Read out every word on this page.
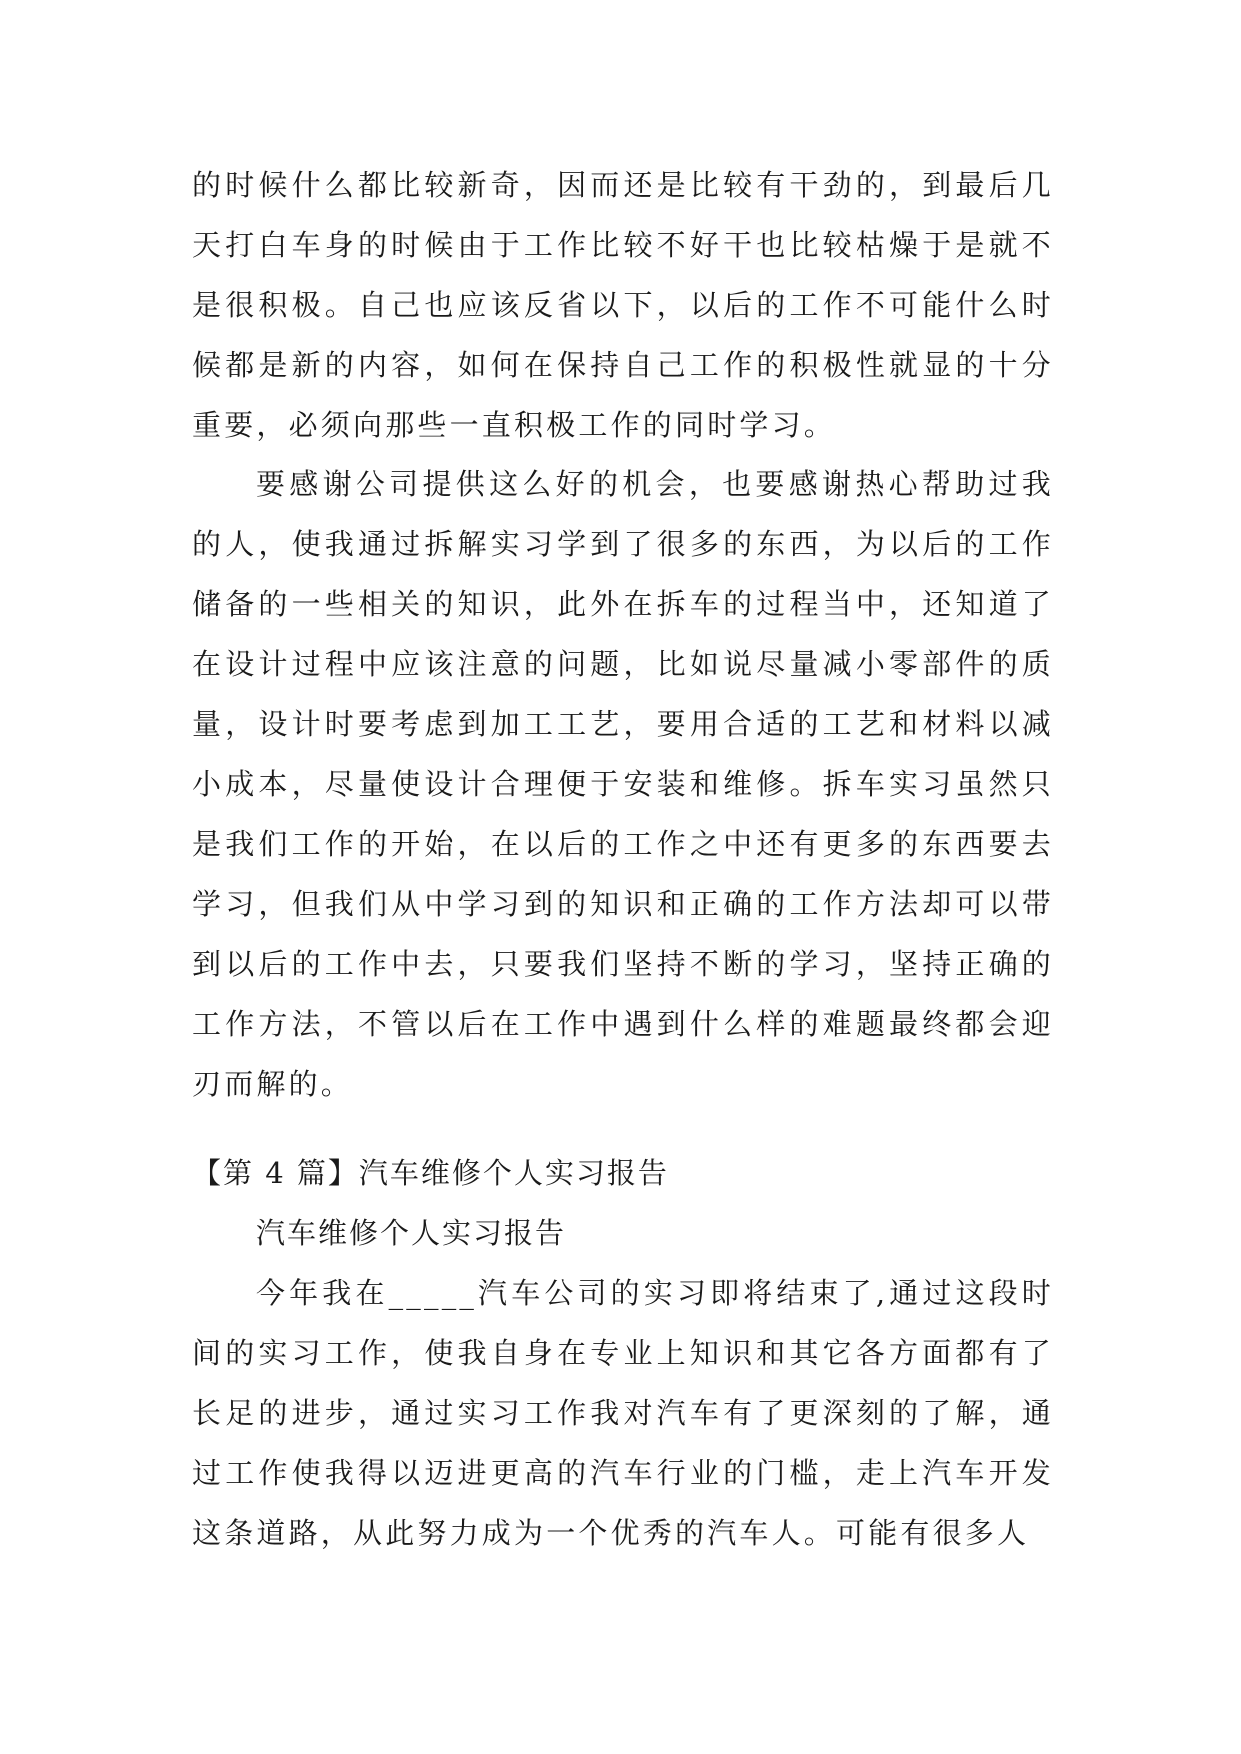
的时候什么都比较新奇，因而还是比较有干劲的，到最后几天打白车身的时候由于工作比较不好干也比较枯燥于是就不是很积极。自己也应该反省以下，以后的工作不可能什么时候都是新的内容，如何在保持自己工作的积极性就显的十分重要，必须向那些一直积极工作的同时学习。

要感谢公司提供这么好的机会，也要感谢热心帮助过我的人，使我通过拆解实习学到了很多的东西，为以后的工作储备的一些相关的知识，此外在拆车的过程当中，还知道了在设计过程中应该注意的问题，比如说尽量减小零部件的质量，设计时要考虑到加工工艺，要用合适的工艺和材料以减小成本，尽量使设计合理便于安装和维修。拆车实习虽然只是我们工作的开始，在以后的工作之中还有更多的东西要去学习，但我们从中学习到的知识和正确的工作方法却可以带到以后的工作中去，只要我们坚持不断的学习，坚持正确的工作方法，不管以后在工作中遇到什么样的难题最终都会迎刃而解的。

【第 4 篇】汽车维修个人实习报告

汽车维修个人实习报告

今年我在_____汽车公司的实习即将结束了,通过这段时间的实习工作，使我自身在专业上知识和其它各方面都有了长足的进步，通过实习工作我对汽车有了更深刻的了解，通过工作使我得以迈进更高的汽车行业的门槛，走上汽车开发这条道路，从此努力成为一个优秀的汽车人。可能有很多人
